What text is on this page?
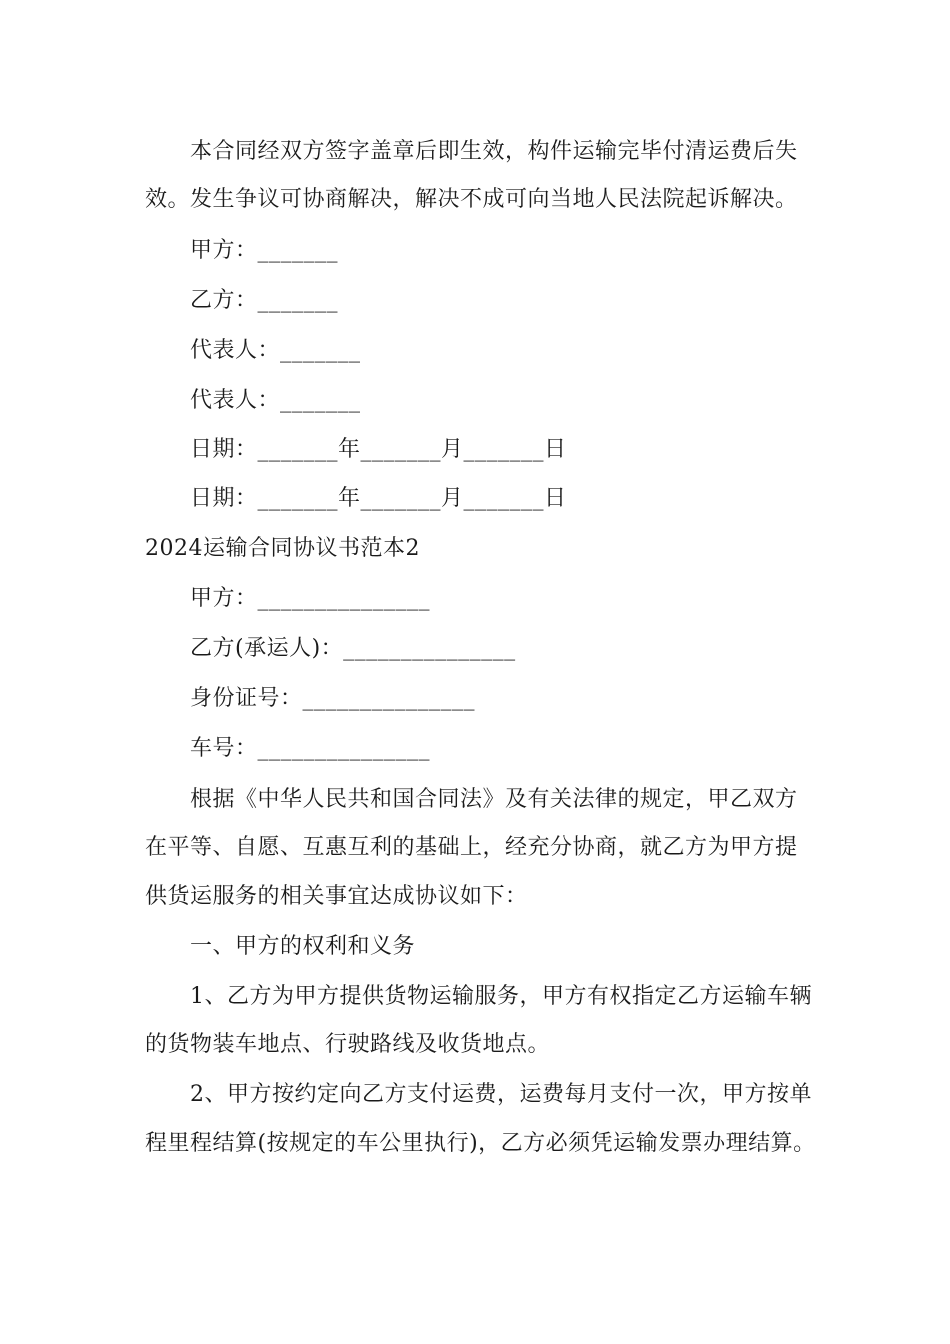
本合同经双方签字盖章后即生效，构件运输完毕付清运费后失
效。发生争议可协商解决，解决不成可向当地人民法院起诉解决。
甲方：_______
乙方：_______
代表人：_______
代表人：_______
日期：_______年_______月_______日
日期：_______年_______月_______日
2024运输合同协议书范本2
甲方：_______________
乙方(承运人)：_______________
身份证号：_______________
车号：_______________
根据《中华人民共和国合同法》及有关法律的规定，甲乙双方
在平等、自愿、互惠互利的基础上，经充分协商，就乙方为甲方提
供货运服务的相关事宜达成协议如下：
一、甲方的权利和义务
1、乙方为甲方提供货物运输服务，甲方有权指定乙方运输车辆
的货物装车地点、行驶路线及收货地点。
2、甲方按约定向乙方支付运费，运费每月支付一次，甲方按单
程里程结算(按规定的车公里执行)，乙方必须凭运输发票办理结算。
